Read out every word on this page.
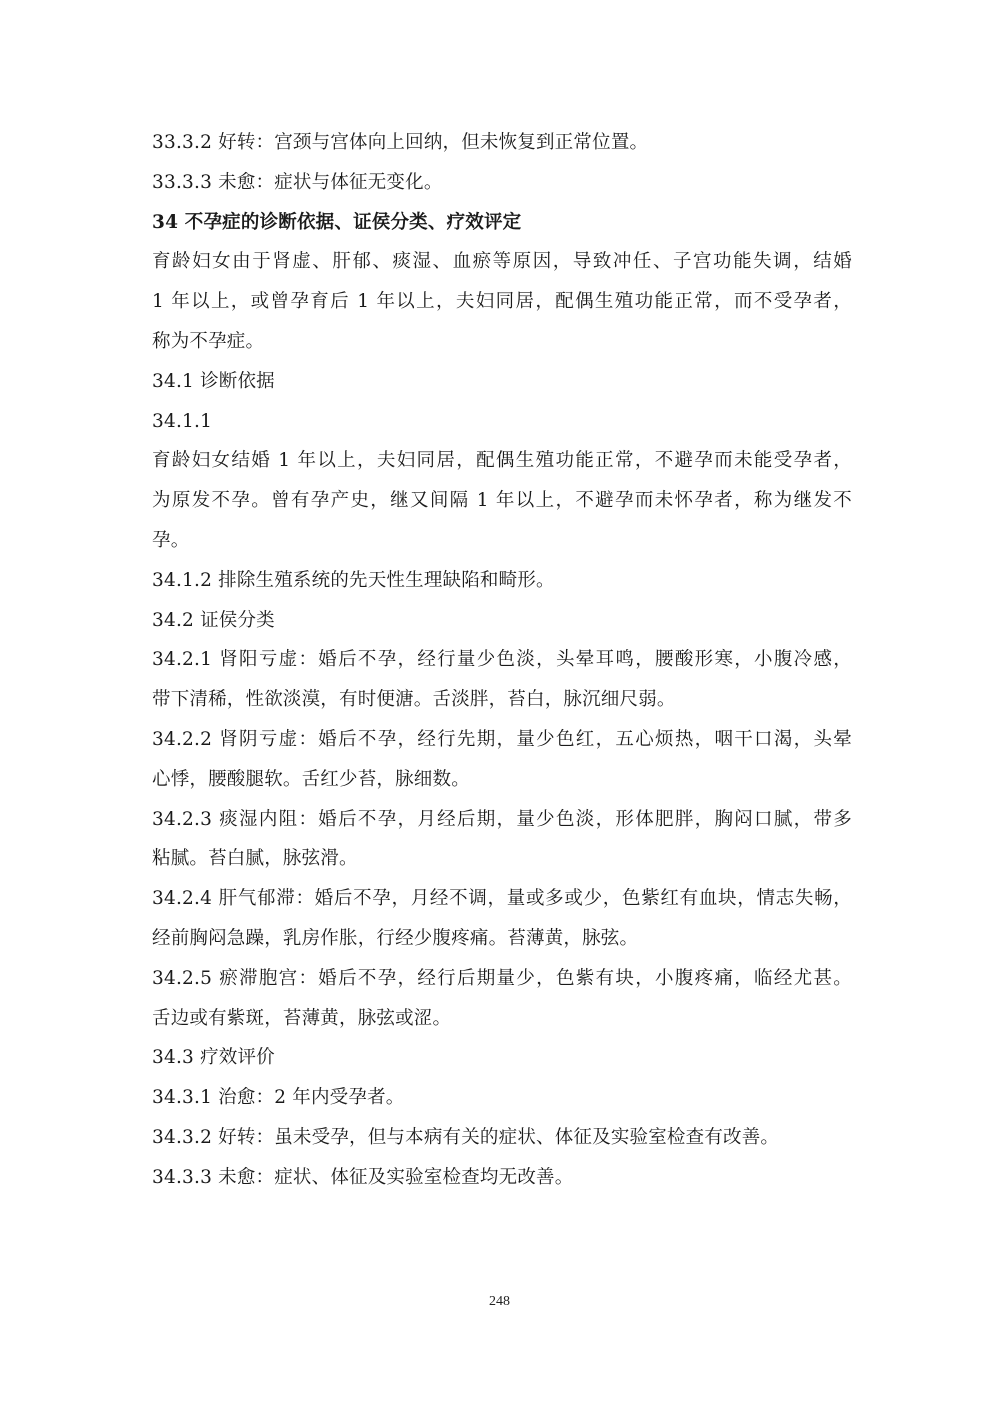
33.3.2 好转：宫颈与宫体向上回纳，但未恢复到正常位置。
33.3.3 未愈：症状与体征无变化。
34 不孕症的诊断依据、证侯分类、疗效评定
育龄妇女由于肾虚、肝郁、痰湿、血瘀等原因，导致冲任、子宫功能失调，结婚
1 年以上，或曾孕育后 1 年以上，夫妇同居，配偶生殖功能正常，而不受孕者，
称为不孕症。
34.1 诊断依据
34.1.1
育龄妇女结婚 1 年以上，夫妇同居，配偶生殖功能正常，不避孕而未能受孕者，
为原发不孕。曾有孕产史，继又间隔 1 年以上，不避孕而未怀孕者，称为继发不
孕。
34.1.2 排除生殖系统的先天性生理缺陷和畸形。
34.2 证侯分类
34.2.1 肾阳亏虚：婚后不孕，经行量少色淡，头晕耳鸣，腰酸形寒，小腹冷感，
带下清稀，性欲淡漠，有时便溏。舌淡胖，苔白，脉沉细尺弱。
34.2.2 肾阴亏虚：婚后不孕，经行先期，量少色红，五心烦热，咽干口渴，头晕
心悸，腰酸腿软。舌红少苔，脉细数。
34.2.3 痰湿内阻：婚后不孕，月经后期，量少色淡，形体肥胖，胸闷口腻，带多
粘腻。苔白腻，脉弦滑。
34.2.4 肝气郁滞：婚后不孕，月经不调，量或多或少，色紫红有血块，情志失畅，
经前胸闷急躁，乳房作胀，行经少腹疼痛。苔薄黄，脉弦。
34.2.5 瘀滞胞宫：婚后不孕，经行后期量少，色紫有块，小腹疼痛，临经尤甚。
舌边或有紫斑，苔薄黄，脉弦或涩。
34.3 疗效评价
34.3.1 治愈：2 年内受孕者。
34.3.2 好转：虽未受孕，但与本病有关的症状、体征及实验室检查有改善。
34.3.3 未愈：症状、体征及实验室检查均无改善。
248
